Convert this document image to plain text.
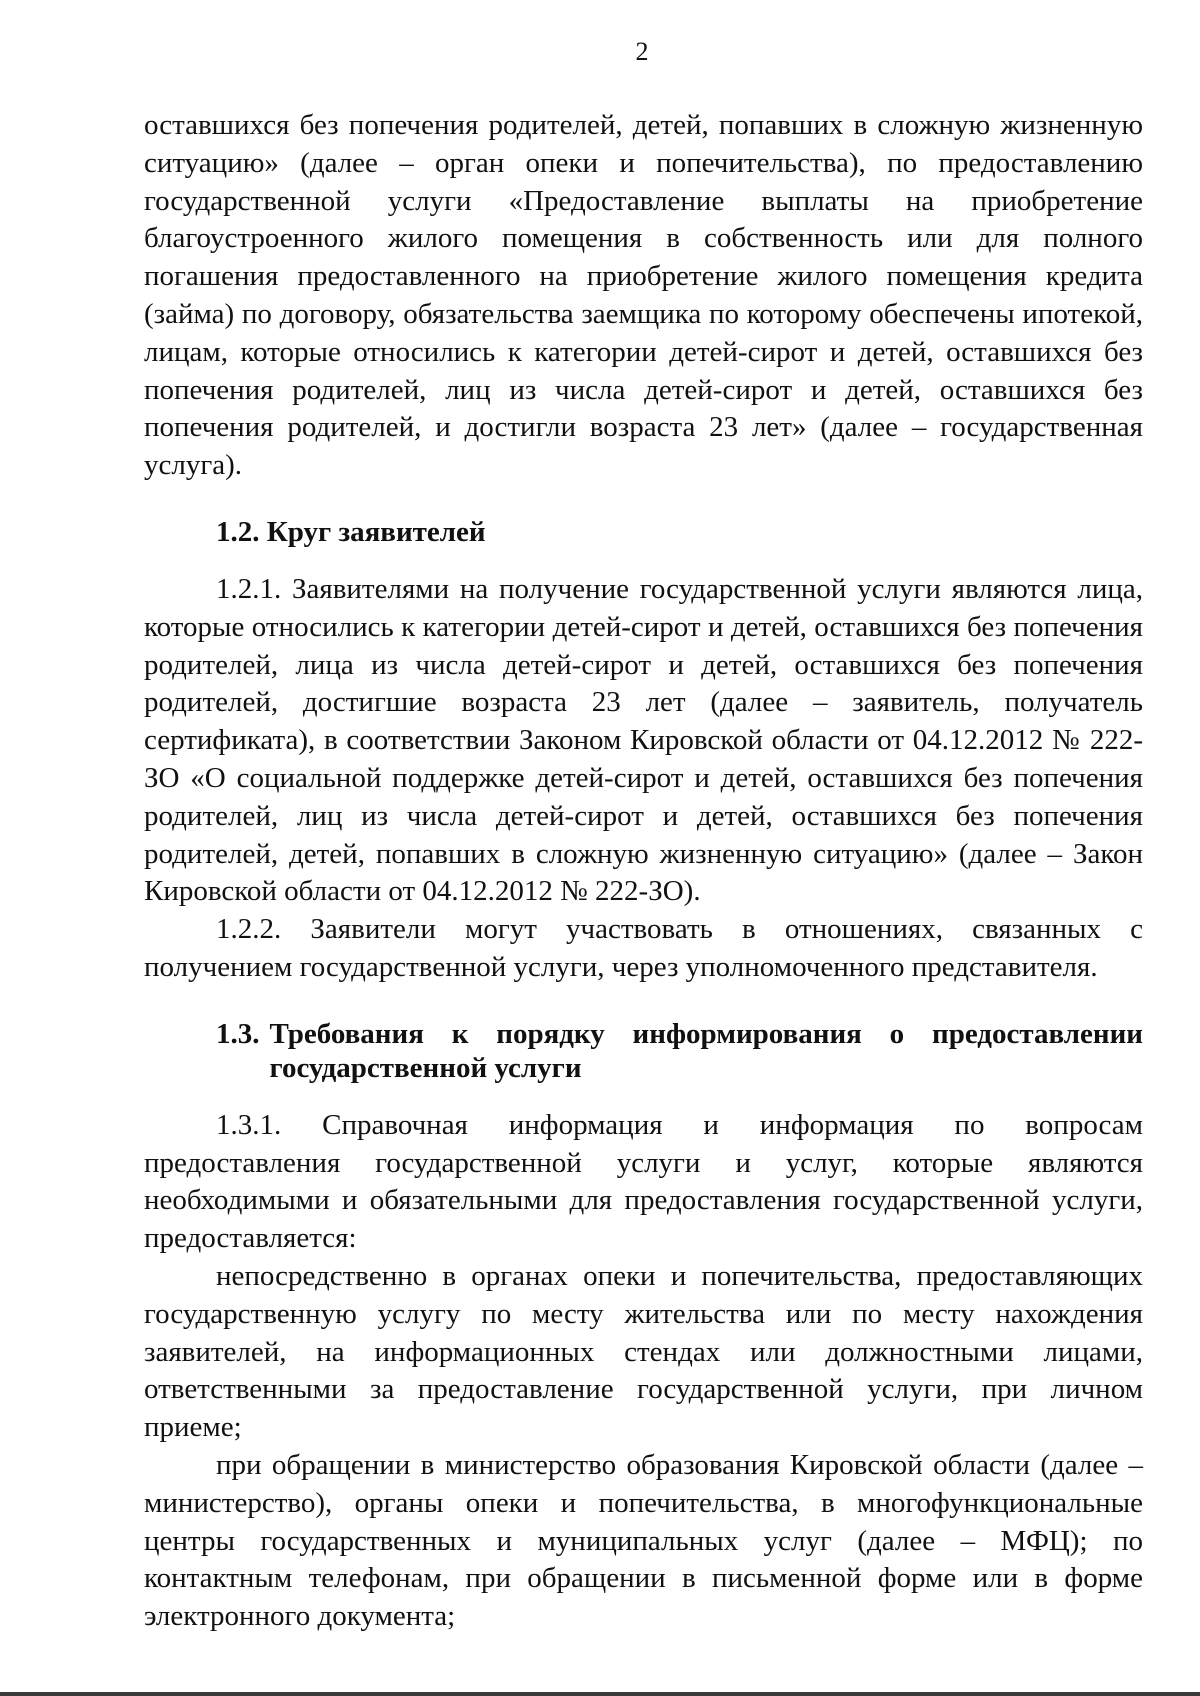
2

оставшихся без попечения родителей, детей, попавших в сложную жизненную ситуацию» (далее – орган опеки и попечительства), по предоставлению государственной услуги «Предоставление выплаты на приобретение благоустроенного жилого помещения в собственность или для полного погашения предоставленного на приобретение жилого помещения кредита (займа) по договору, обязательства заемщика по которому обеспечены ипотекой, лицам, которые относились к категории детей-сирот и детей, оставшихся без попечения родителей, лиц из числа детей-сирот и детей, оставшихся без попечения родителей, и достигли возраста 23 лет» (далее – государственная услуга).

1.2. Круг заявителей

1.2.1. Заявителями на получение государственной услуги являются лица, которые относились к категории детей-сирот и детей, оставшихся без попечения родителей, лица из числа детей-сирот и детей, оставшихся без попечения родителей, достигшие возраста 23 лет (далее – заявитель, получатель сертификата), в соответствии Законом Кировской области от 04.12.2012 № 222-ЗО «О социальной поддержке детей-сирот и детей, оставшихся без попечения родителей, лиц из числа детей-сирот и детей, оставшихся без попечения родителей, детей, попавших в сложную жизненную ситуацию» (далее – Закон Кировской области от 04.12.2012 № 222-ЗО).

1.2.2. Заявители могут участвовать в отношениях, связанных с получением государственной услуги, через уполномоченного представителя.

1.3. Требования к порядку информирования о предоставлении государственной услуги

1.3.1. Справочная информация и информация по вопросам предоставления государственной услуги и услуг, которые являются необходимыми и обязательными для предоставления государственной услуги, предоставляется:

непосредственно в органах опеки и попечительства, предоставляющих государственную услугу по месту жительства или по месту нахождения заявителей, на информационных стендах или должностными лицами, ответственными за предоставление государственной услуги, при личном приеме;

при обращении в министерство образования Кировской области (далее – министерство), органы опеки и попечительства, в многофункциональные центры государственных и муниципальных услуг (далее – МФЦ); по контактным телефонам, при обращении в письменной форме или в форме электронного документа;
